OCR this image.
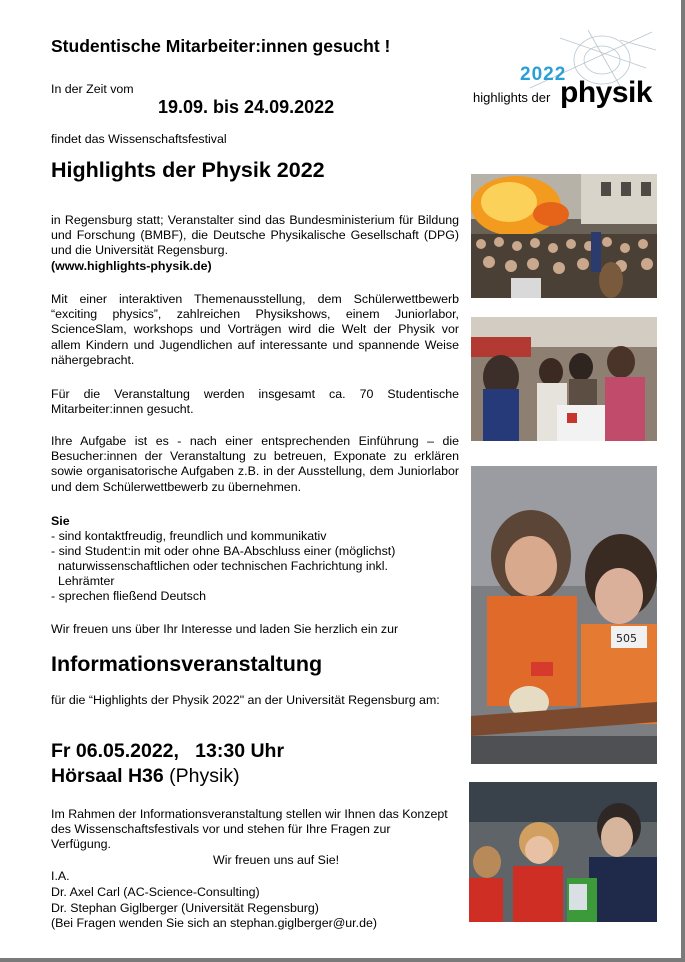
Studentische Mitarbeiter:innen gesucht !
2022
highlights der physik
In der Zeit vom
19.09. bis 24.09.2022
findet das Wissenschaftsfestival
Highlights der Physik 2022

in Regensburg statt; Veranstalter sind das Bundesministerium für Bildung und Forschung (BMBF), die Deutsche Physikalische Gesellschaft (DPG) und die Universität Regensburg.
(www.highlights-physik.de)

Mit einer interaktiven Themenausstellung, dem Schülerwettbewerb “exciting physics”, zahlreichen Physikshows, einem Juniorlabor, ScienceSlam, workshops und Vorträgen wird die Welt der Physik vor allem Kindern und Jugendlichen auf interessante und spannende Weise nähergebracht.
Für die Veranstaltung werden insgesamt ca. 70 Studentische Mitarbeiter:innen gesucht.
Ihre Aufgabe ist es - nach einer entsprechenden Einführung – die Besucher:innen der Veranstaltung zu betreuen, Exponate zu erklären sowie organisatorische Aufgaben z.B. in der Ausstellung, dem Juniorlabor und dem Schülerwettbewerb zu übernehmen.
Sie
- sind kontaktfreudig, freundlich und kommunikativ
- sind Student:in mit oder ohne BA-Abschluss einer (möglichst)
naturwissenschaftlichen oder technischen Fachrichtung inkl.
Lehrämter
- sprechen fließend Deutsch
Wir freuen uns über Ihr Interesse und laden Sie herzlich ein zur
Informationsveranstaltung
für die “Highlights der Physik 2022" an der Universität Regensburg am:
Fr 06.05.2022,   13:30 Uhr
Hörsaal H36 (Physik)
Im Rahmen der Informationsveranstaltung stellen wir Ihnen das Konzept des Wissenschaftsfestivals vor und stehen für Ihre Fragen zur Verfügung.
Wir freuen uns auf Sie!
I.A.
Dr. Axel Carl (AC-Science-Consulting)
Dr. Stephan Giglberger (Universität Regensburg)
(Bei Fragen wenden Sie sich an stephan.giglberger@ur.de)
505
